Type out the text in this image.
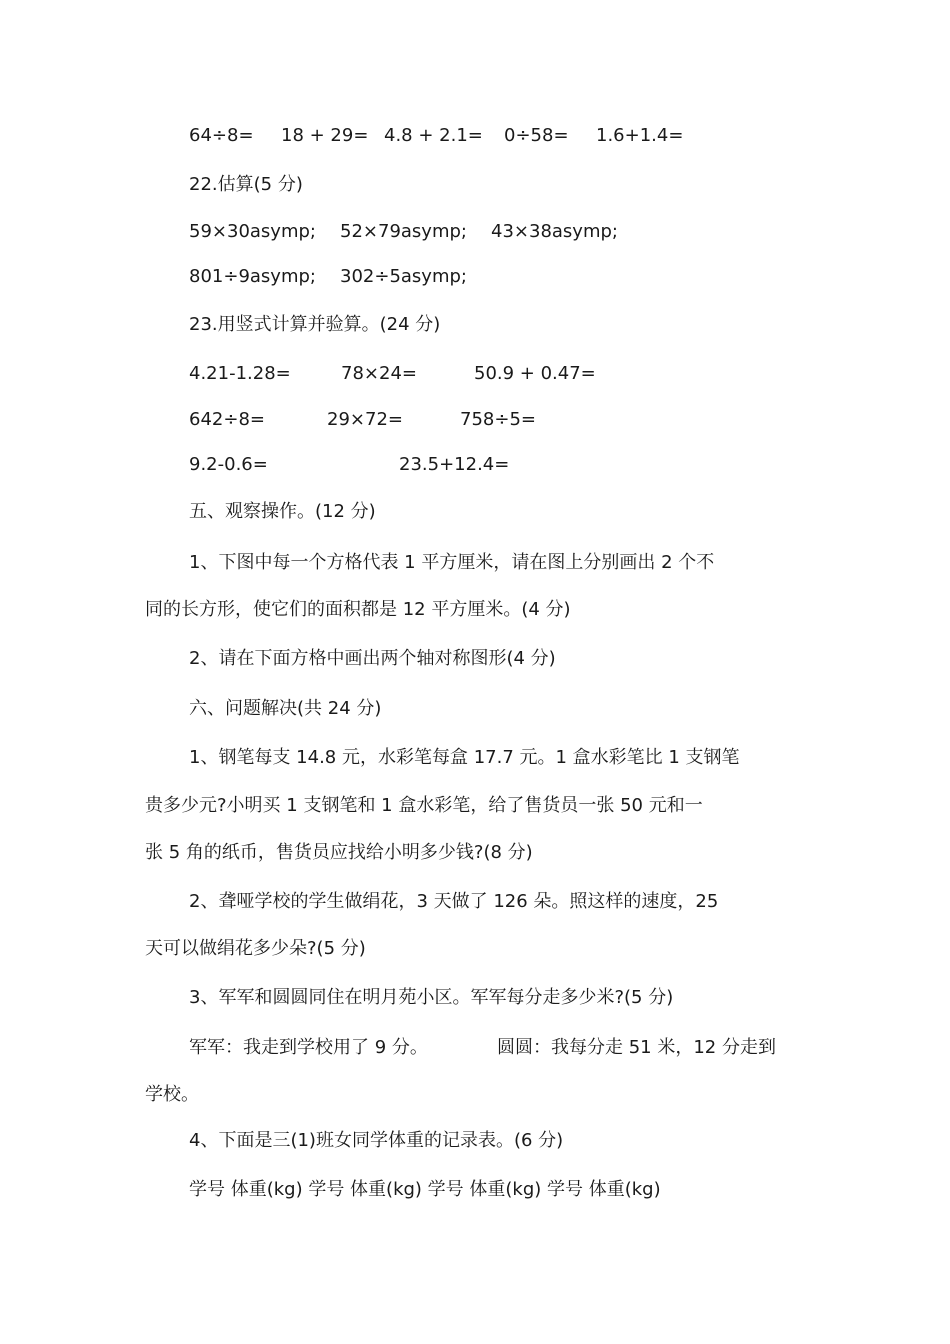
64÷8= 18 + 29= 4.8 + 2.1= 0÷58= 1.6+1.4=
22.估算(5 分)
59×30asymp; 52×79asymp; 43×38asymp;
801÷9asymp; 302÷5asymp;
23.用竖式计算并验算。(24 分)
4.21-1.28=	78×24=	50.9 + 0.47=
642÷8=	29×72=	758÷5=
9.2-0.6=	23.5+12.4=
五、观察操作。(12 分)
1、下图中每一个方格代表 1 平方厘米，请在图上分别画出 2 个不
同的长方形，使它们的面积都是 12 平方厘米。(4 分)
2、请在下面方格中画出两个轴对称图形(4 分)
六、问题解决(共 24 分)
1、钢笔每支 14.8 元，水彩笔每盒 17.7 元。1 盒水彩笔比 1 支钢笔
贵多少元?小明买 1 支钢笔和 1 盒水彩笔，给了售货员一张 50 元和一
张 5 角的纸币，售货员应找给小明多少钱?(8 分)
2、聋哑学校的学生做绢花，3 天做了 126 朵。照这样的速度，25
天可以做绢花多少朵?(5 分)
3、军军和圆圆同住在明月苑小区。军军每分走多少米?(5 分)
军军：我走到学校用了 9 分。	圆圆：我每分走 51 米，12 分走到
学校。
4、下面是三(1)班女同学体重的记录表。(6 分)
学号 体重(kg) 学号 体重(kg) 学号 体重(kg) 学号 体重(kg)
